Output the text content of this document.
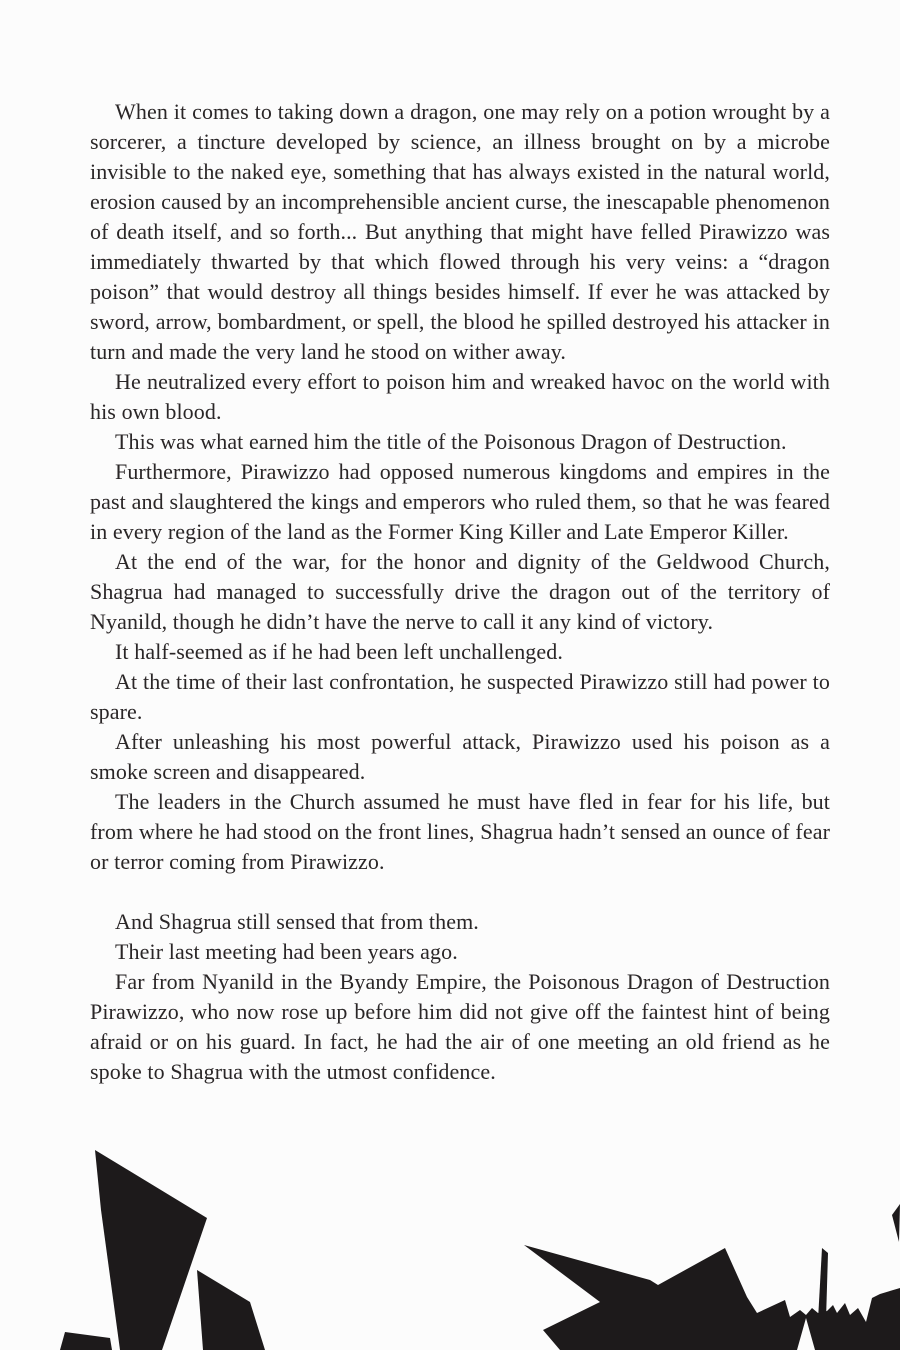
When it comes to taking down a dragon, one may rely on a potion wrought by a sorcerer, a tincture developed by science, an illness brought on by a microbe invisible to the naked eye, something that has always existed in the natural world, erosion caused by an incomprehensible ancient curse, the inescapable phenomenon of death itself, and so forth... But anything that might have felled Pirawizzo was immediately thwarted by that which flowed through his very veins: a “dragon poison” that would destroy all things besides himself. If ever he was attacked by sword, arrow, bombardment, or spell, the blood he spilled destroyed his attacker in turn and made the very land he stood on wither away.

He neutralized every effort to poison him and wreaked havoc on the world with his own blood.

This was what earned him the title of the Poisonous Dragon of Destruction.

Furthermore, Pirawizzo had opposed numerous kingdoms and empires in the past and slaughtered the kings and emperors who ruled them, so that he was feared in every region of the land as the Former King Killer and Late Emperor Killer.

At the end of the war, for the honor and dignity of the Geldwood Church, Shagrua had managed to successfully drive the dragon out of the territory of Nyanild, though he didn’t have the nerve to call it any kind of victory.

It half-seemed as if he had been left unchallenged.

At the time of their last confrontation, he suspected Pirawizzo still had power to spare.

After unleashing his most powerful attack, Pirawizzo used his poison as a smoke screen and disappeared.

The leaders in the Church assumed he must have fled in fear for his life, but from where he had stood on the front lines, Shagrua hadn’t sensed an ounce of fear or terror coming from Pirawizzo.

And Shagrua still sensed that from them.

Their last meeting had been years ago.

Far from Nyanild in the Byandy Empire, the Poisonous Dragon of Destruction Pirawizzo, who now rose up before him did not give off the faintest hint of being afraid or on his guard. In fact, he had the air of one meeting an old friend as he spoke to Shagrua with the utmost confidence.
